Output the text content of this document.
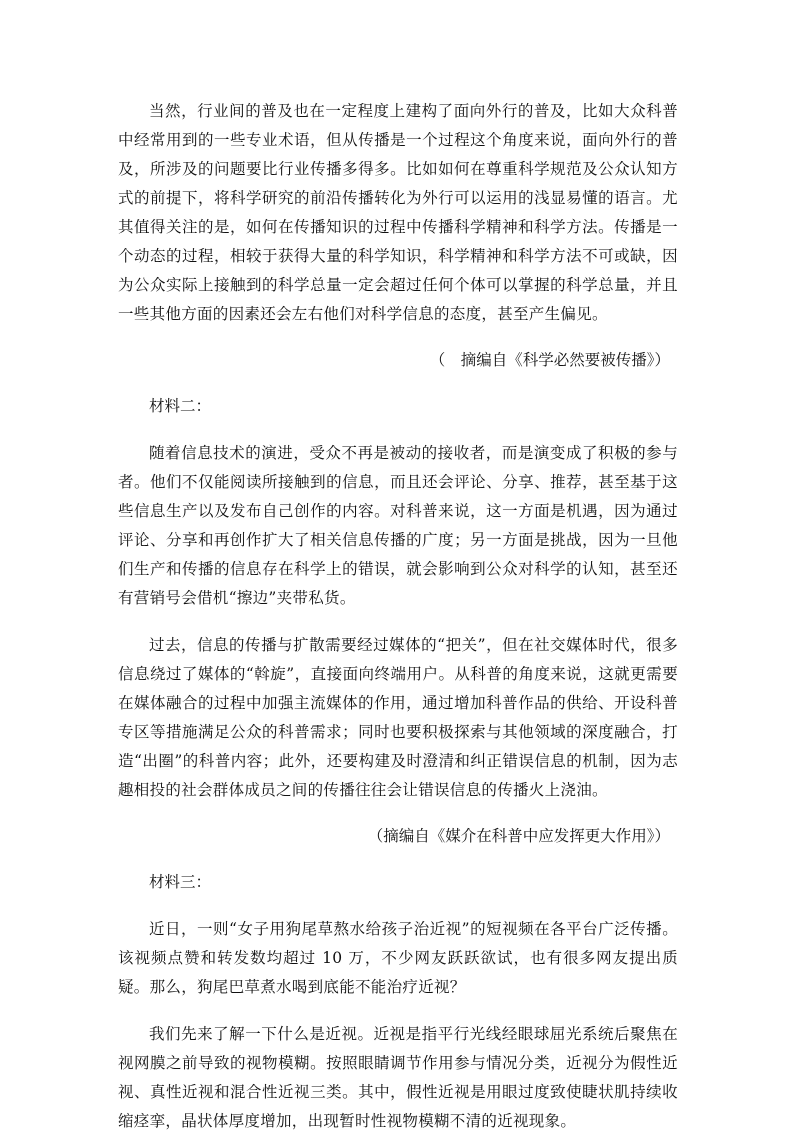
当然，行业间的普及也在一定程度上建构了面向外行的普及，比如大众科普中经常用到的一些专业术语，但从传播是一个过程这个角度来说，面向外行的普及，所涉及的问题要比行业传播多得多。比如如何在尊重科学规范及公众认知方式的前提下，将科学研究的前沿传播转化为外行可以运用的浅显易懂的语言。尤其值得关注的是，如何在传播知识的过程中传播科学精神和科学方法。传播是一个动态的过程，相较于获得大量的科学知识，科学精神和科学方法不可或缺，因为公众实际上接触到的科学总量一定会超过任何个体可以掌握的科学总量，并且一些其他方面的因素还会左右他们对科学信息的态度，甚至产生偏见。

（　摘编自《科学必然要被传播》）

材料二：

随着信息技术的演进，受众不再是被动的接收者，而是演变成了积极的参与者。他们不仅能阅读所接触到的信息，而且还会评论、分享、推荐，甚至基于这些信息生产以及发布自己创作的内容。对科普来说，这一方面是机遇，因为通过评论、分享和再创作扩大了相关信息传播的广度；另一方面是挑战，因为一旦他们生产和传播的信息存在科学上的错误，就会影响到公众对科学的认知，甚至还有营销号会借机“擦边”夹带私货。

过去，信息的传播与扩散需要经过媒体的“把关”，但在社交媒体时代，很多信息绕过了媒体的“斡旋”，直接面向终端用户。从科普的角度来说，这就更需要在媒体融合的过程中加强主流媒体的作用，通过增加科普作品的供给、开设科普专区等措施满足公众的科普需求；同时也要积极探索与其他领域的深度融合，打造“出圈”的科普内容；此外，还要构建及时澄清和纠正错误信息的机制，因为志趣相投的社会群体成员之间的传播往往会让错误信息的传播火上浇油。

（摘编自《媒介在科普中应发挥更大作用》）

材料三：

近日，一则“女子用狗尾草熬水给孩子治近视”的短视频在各平台广泛传播。该视频点赞和转发数均超过 10 万，不少网友跃跃欲试，也有很多网友提出质疑。那么，狗尾巴草煮水喝到底能不能治疗近视？

我们先来了解一下什么是近视。近视是指平行光线经眼球屈光系统后聚焦在视网膜之前导致的视物模糊。按照眼睛调节作用参与情况分类，近视分为假性近视、真性近视和混合性近视三类。其中，假性近视是用眼过度致使睫状肌持续收缩痉挛，晶状体厚度增加，出现暂时性视物模糊不清的近视现象。
